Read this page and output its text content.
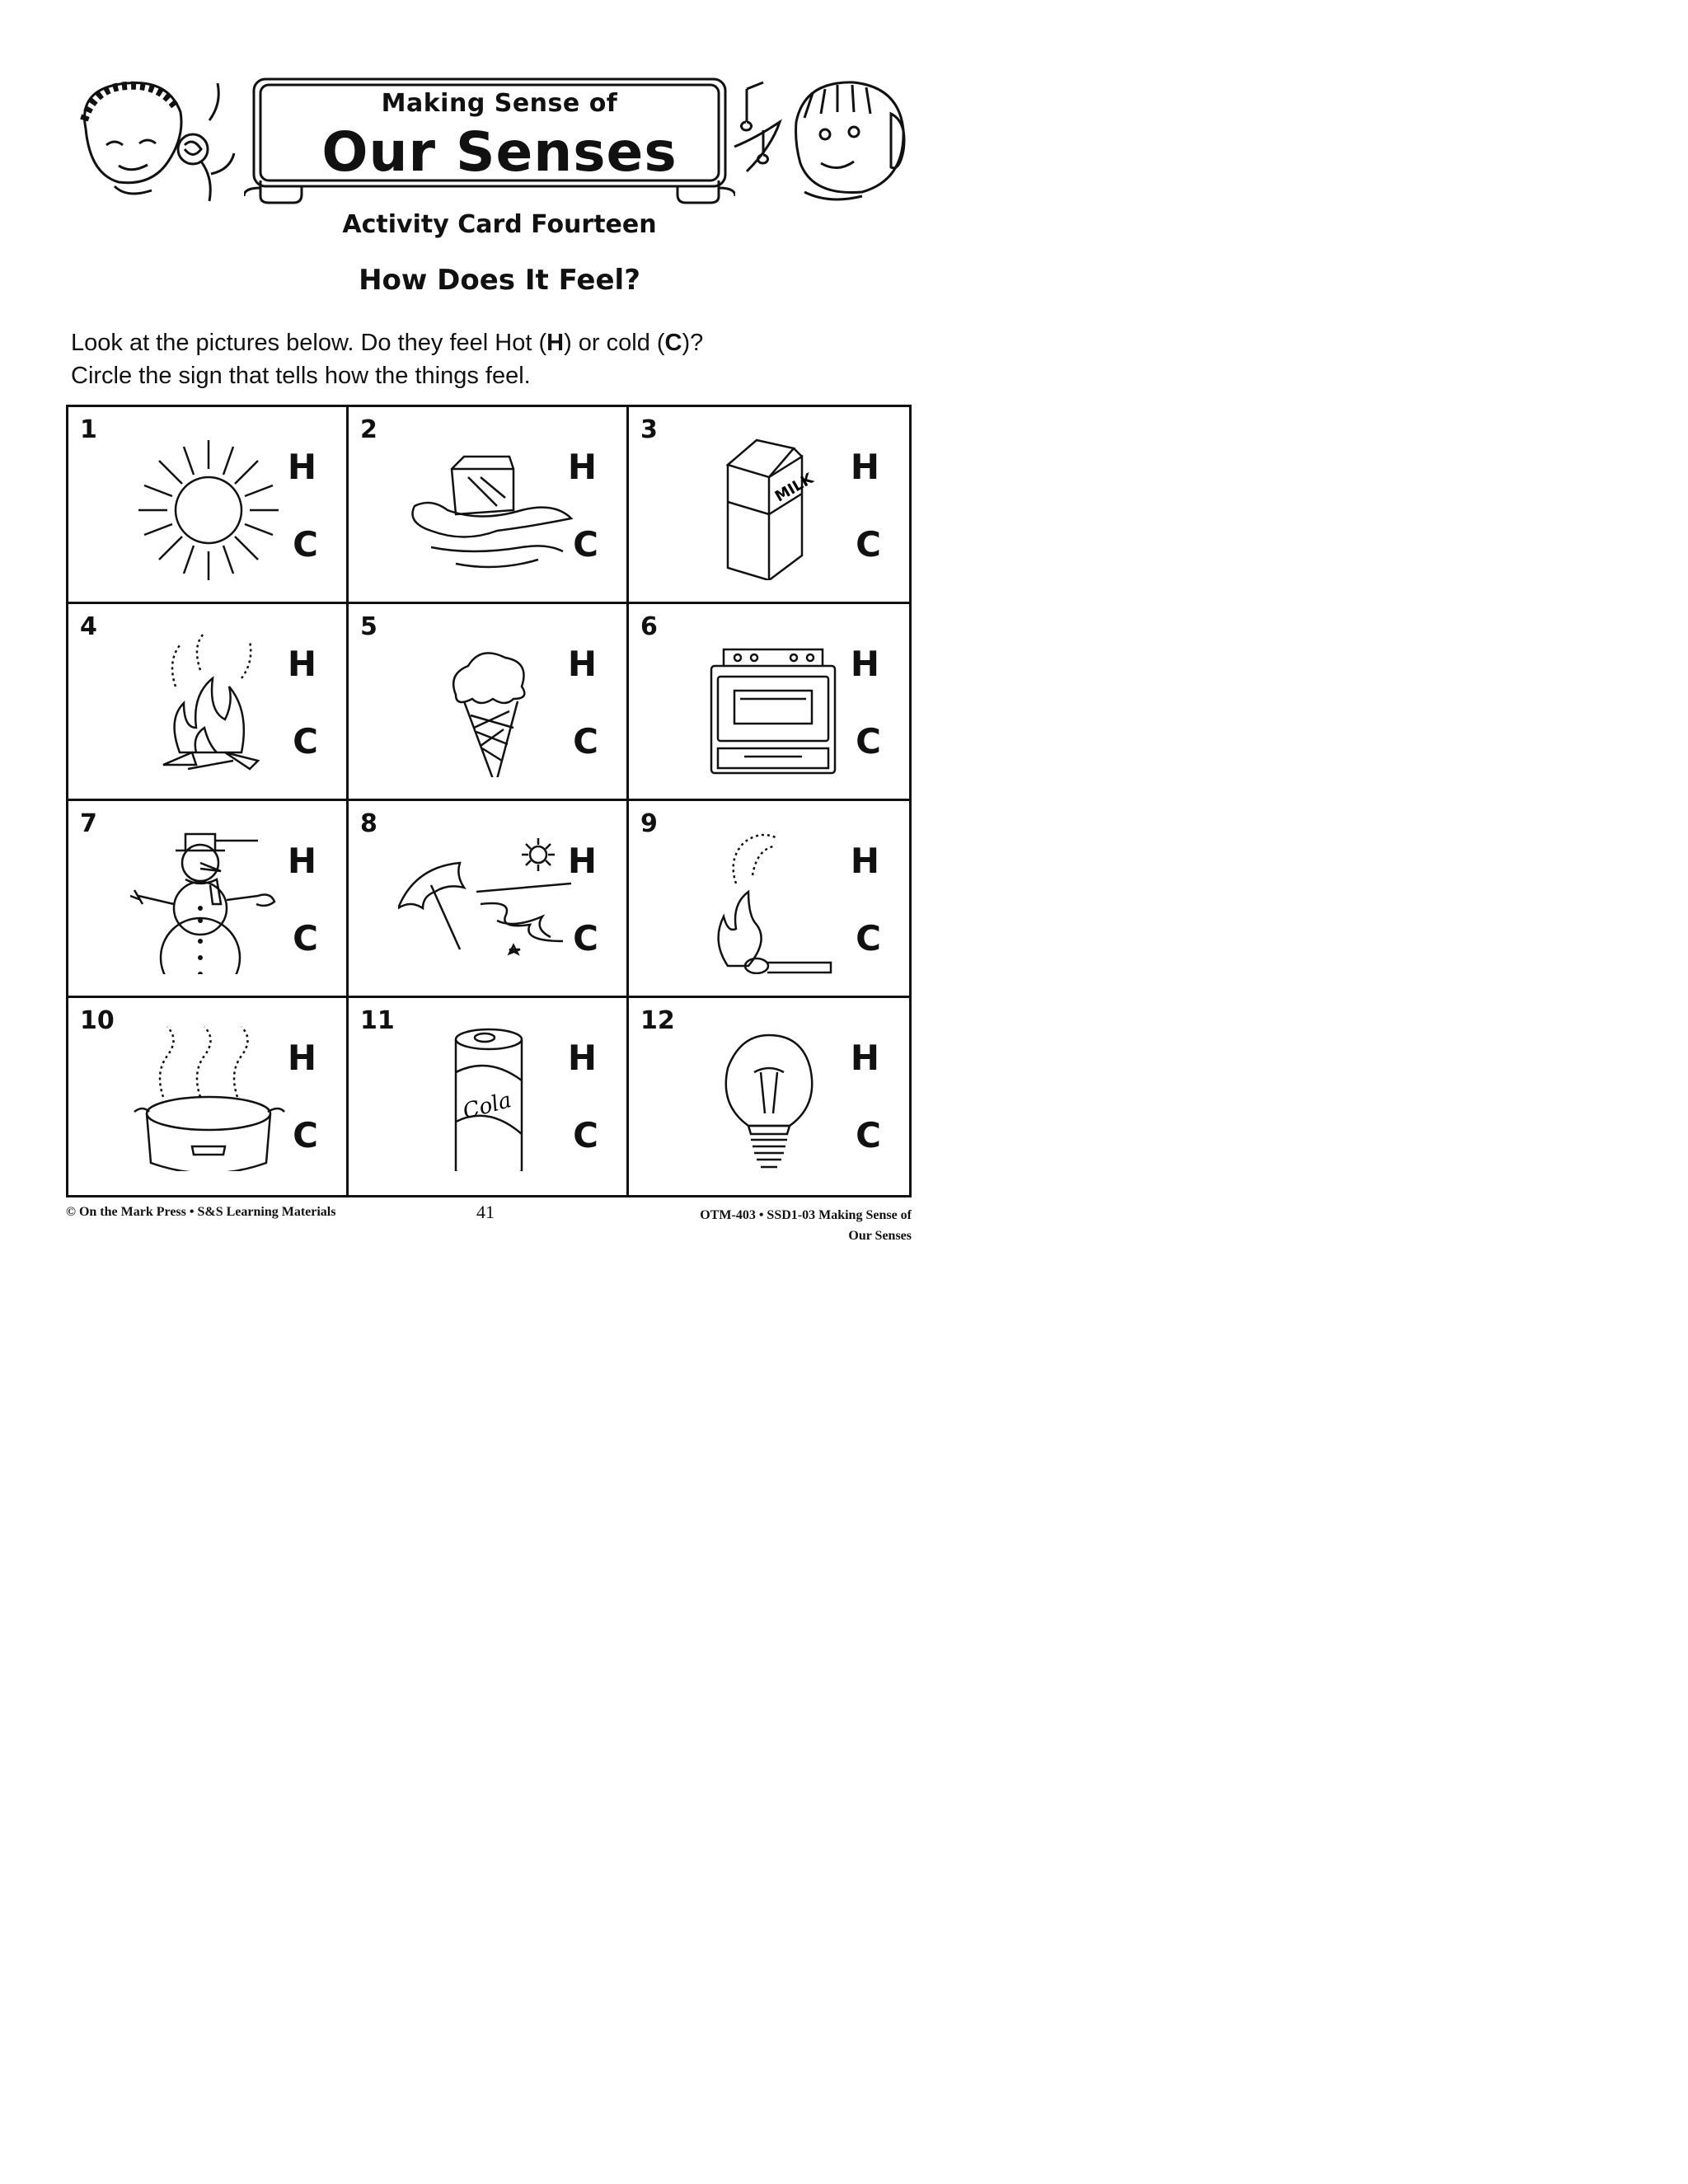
Making Sense of
Our Senses
Activity Card Fourteen
How Does It Feel?
Look at the pictures below. Do they feel Hot (H) or cold (C)?
Circle the sign that tells how the things feel.
1
H
C
2
H
C
3
MILK
H
C
4
H
C
5
H
C
6
H
C
7
H
C
8
H
C
9
H
C
10
H
C
11
Cola
H
C
12
H
C
© On the Mark Press • S&S Learning Materials	41	OTM-403 • SSD1-03 Making Sense of
Our Senses
